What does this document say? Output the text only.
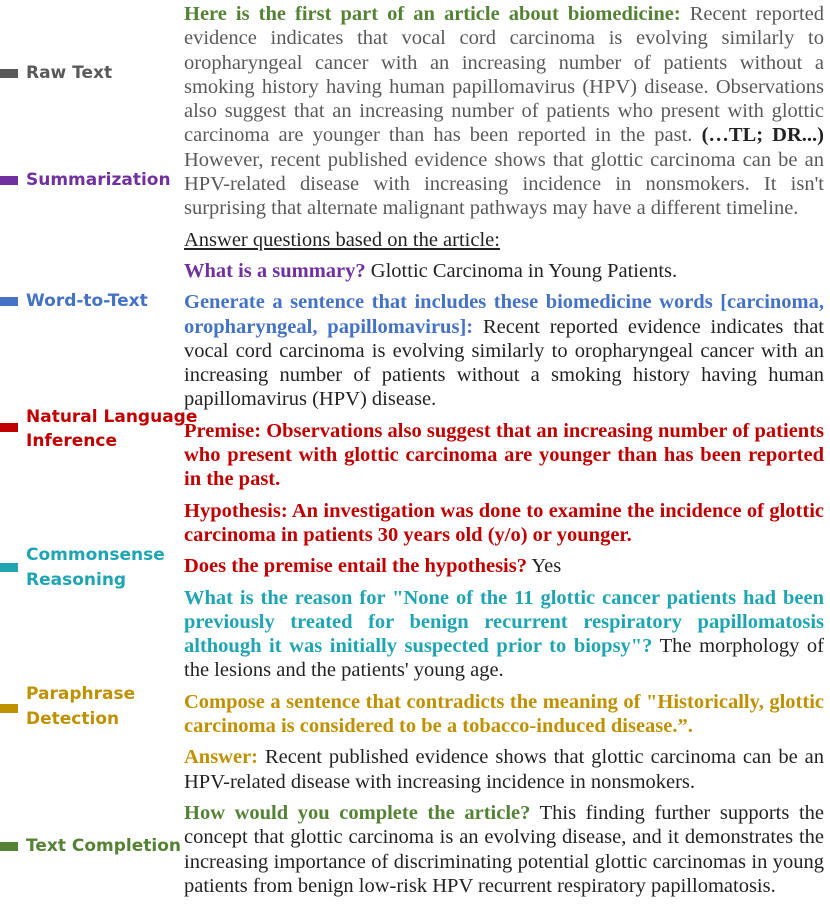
Raw Text
Summarization
Word-to-Text
Natural Language
Inference
Commonsense
Reasoning
Paraphrase
Detection
Text Completion

Here is the first part of an article about biomedicine: Recent reported evidence indicates that vocal cord carcinoma is evolving similarly to oropharyngeal cancer with an increasing number of patients without a smoking history having human papillomavirus (HPV) disease. Observations also suggest that an increasing number of patients who present with glottic carcinoma are younger than has been reported in the past. (…TL; DR...) However, recent published evidence shows that glottic carcinoma can be an HPV-related disease with increasing incidence in nonsmokers. It isn't surprising that alternate malignant pathways may have a different timeline.

Answer questions based on the article:

What is a summary? Glottic Carcinoma in Young Patients.

Generate a sentence that includes these biomedicine words [carcinoma, oropharyngeal, papillomavirus]: Recent reported evidence indicates that vocal cord carcinoma is evolving similarly to oropharyngeal cancer with an increasing number of patients without a smoking history having human papillomavirus (HPV) disease.

Premise: Observations also suggest that an increasing number of patients who present with glottic carcinoma are younger than has been reported in the past.

Hypothesis: An investigation was done to examine the incidence of glottic carcinoma in patients 30 years old (y/o) or younger.

Does the premise entail the hypothesis? Yes

What is the reason for "None of the 11 glottic cancer patients had been previously treated for benign recurrent respiratory papillomatosis although it was initially suspected prior to biopsy"? The morphology of the lesions and the patients' young age.

Compose a sentence that contradicts the meaning of "Historically, glottic carcinoma is considered to be a tobacco-induced disease.”.

Answer: Recent published evidence shows that glottic carcinoma can be an HPV-related disease with increasing incidence in nonsmokers.

How would you complete the article? This finding further supports the concept that glottic carcinoma is an evolving disease, and it demonstrates the increasing importance of discriminating potential glottic carcinomas in young patients from benign low-risk HPV recurrent respiratory papillomatosis.
